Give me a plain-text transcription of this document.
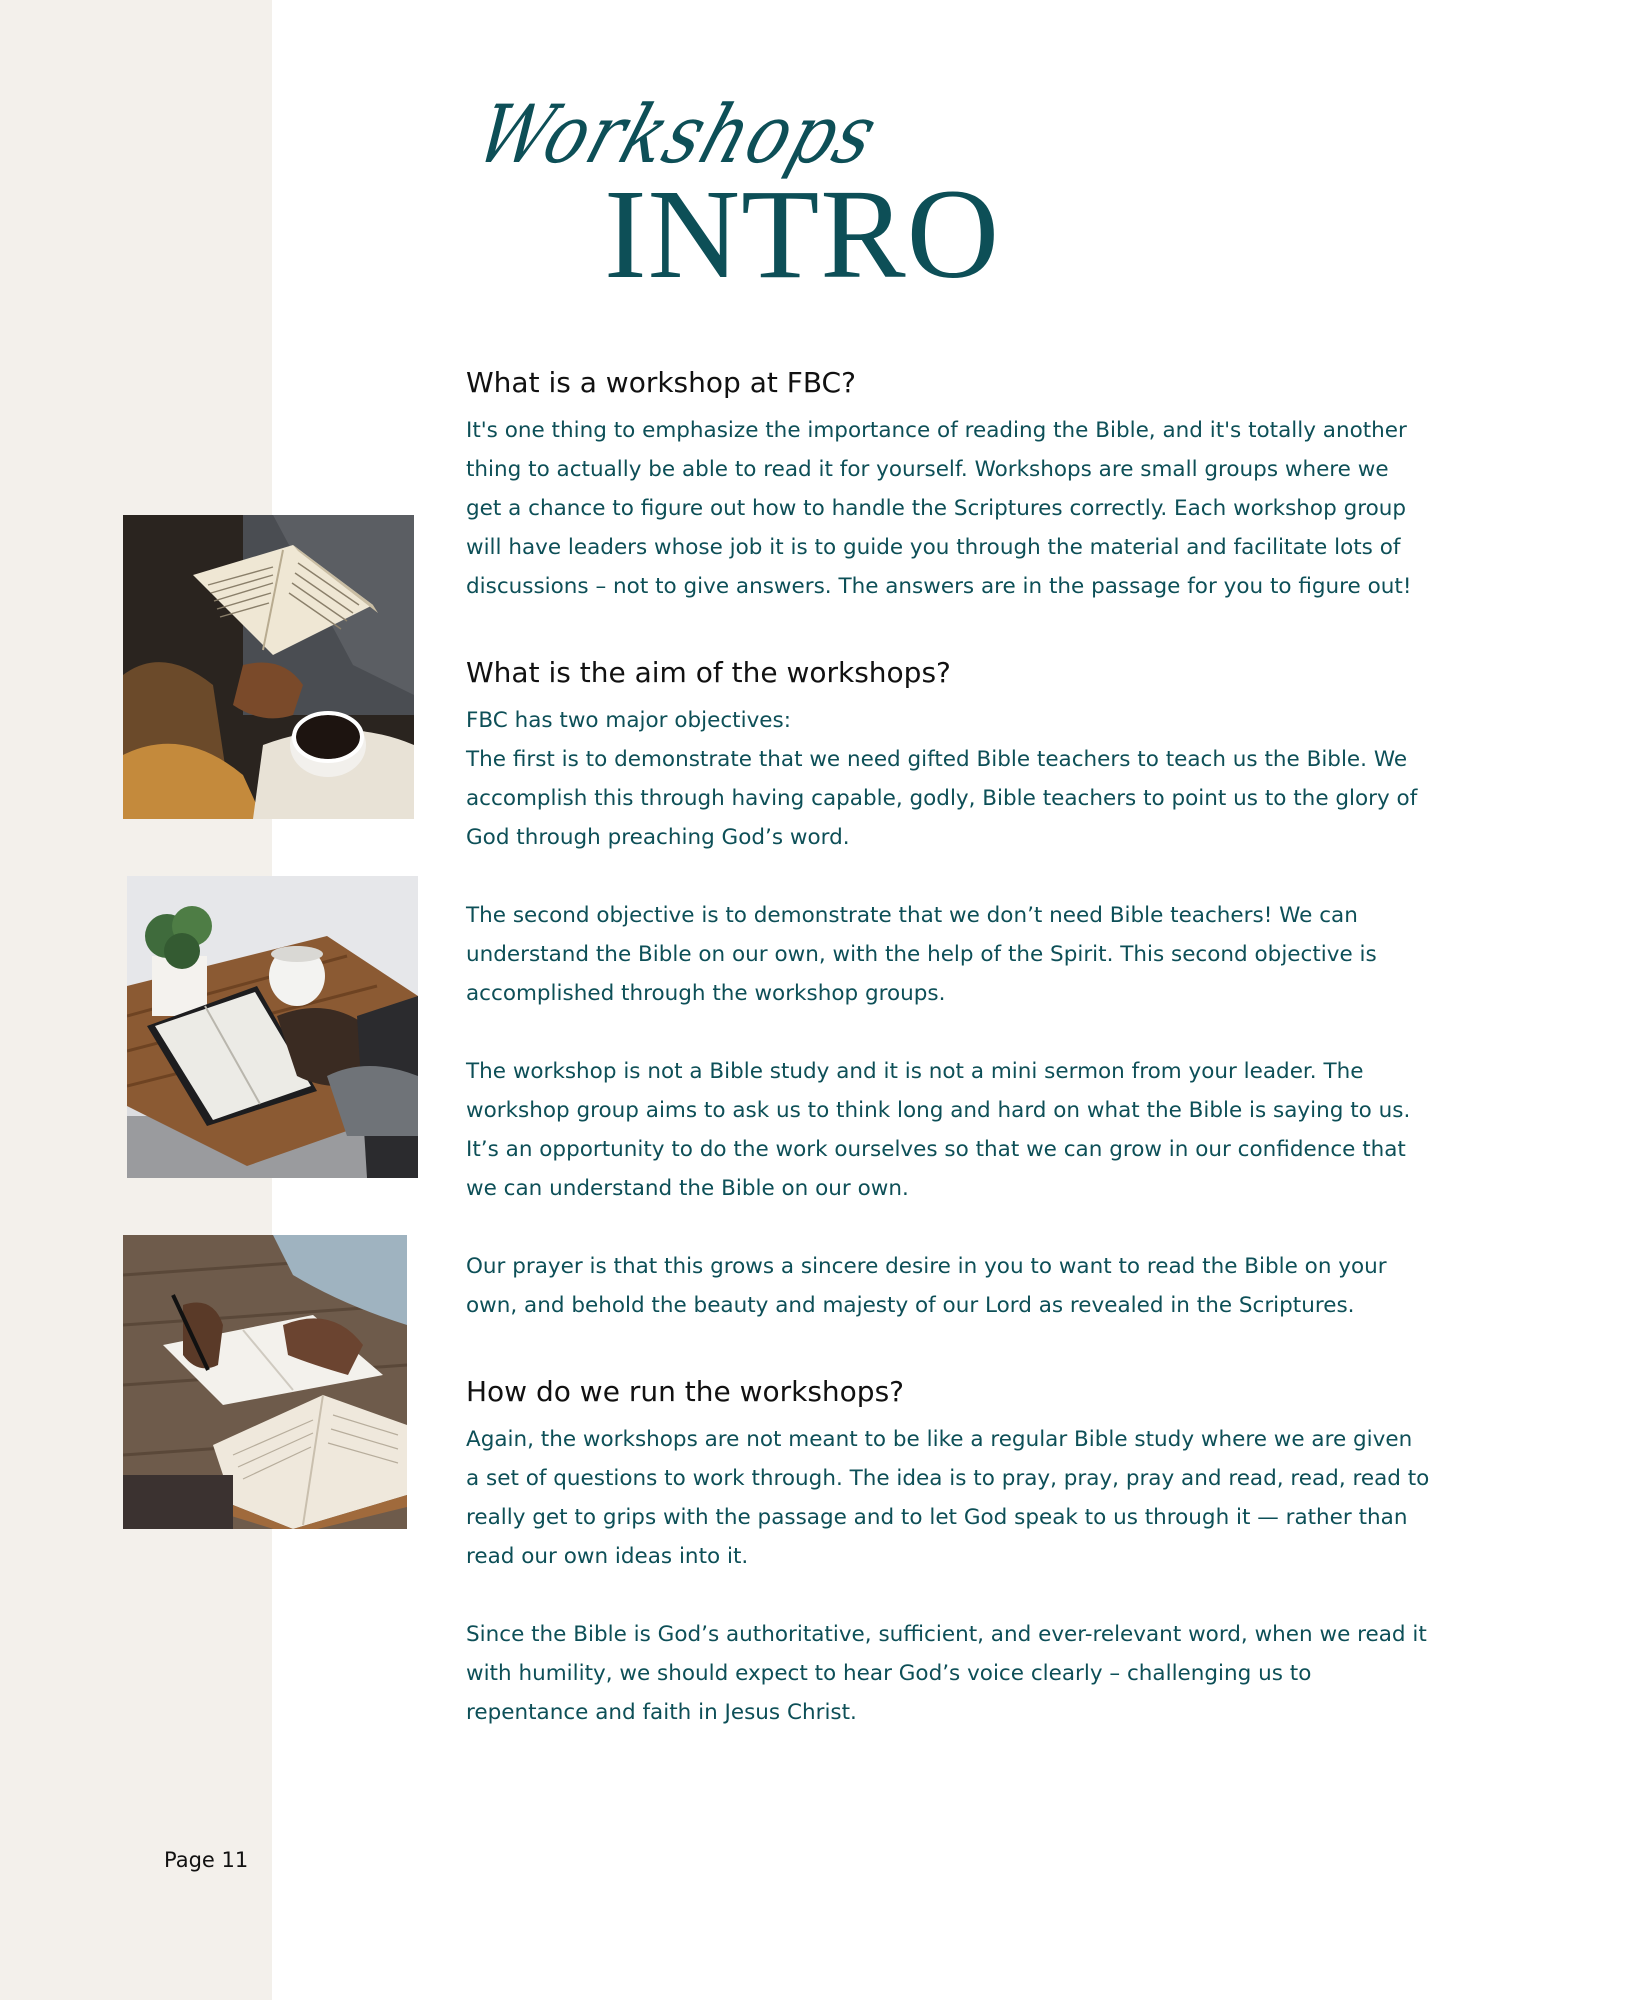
Workshops
INTRO
What is a workshop at FBC?

It's one thing to emphasize the importance of reading the Bible, and it's totally another
thing to actually be able to read it for yourself. Workshops are small groups where we
get a chance to figure out how to handle the Scriptures correctly. Each workshop group
will have leaders whose job it is to guide you through the material and facilitate lots of
discussions – not to give answers. The answers are in the passage for you to figure out!

What is the aim of the workshops?

FBC has two major objectives:
The first is to demonstrate that we need gifted Bible teachers to teach us the Bible. We
accomplish this through having capable, godly, Bible teachers to point us to the glory of
God through preaching God’s word.

The second objective is to demonstrate that we don’t need Bible teachers! We can
understand the Bible on our own, with the help of the Spirit. This second objective is
accomplished through the workshop groups.

The workshop is not a Bible study and it is not a mini sermon from your leader. The
workshop group aims to ask us to think long and hard on what the Bible is saying to us.
It’s an opportunity to do the work ourselves so that we can grow in our confidence that
we can understand the Bible on our own.

Our prayer is that this grows a sincere desire in you to want to read the Bible on your
own, and behold the beauty and majesty of our Lord as revealed in the Scriptures.

How do we run the workshops?

Again, the workshops are not meant to be like a regular Bible study where we are given
a set of questions to work through. The idea is to pray, pray, pray and read, read, read to
really get to grips with the passage and to let God speak to us through it — rather than
read our own ideas into it.

Since the Bible is God’s authoritative, sufficient, and ever-relevant word, when we read it
with humility, we should expect to hear God’s voice clearly – challenging us to
repentance and faith in Jesus Christ.

Page 11
